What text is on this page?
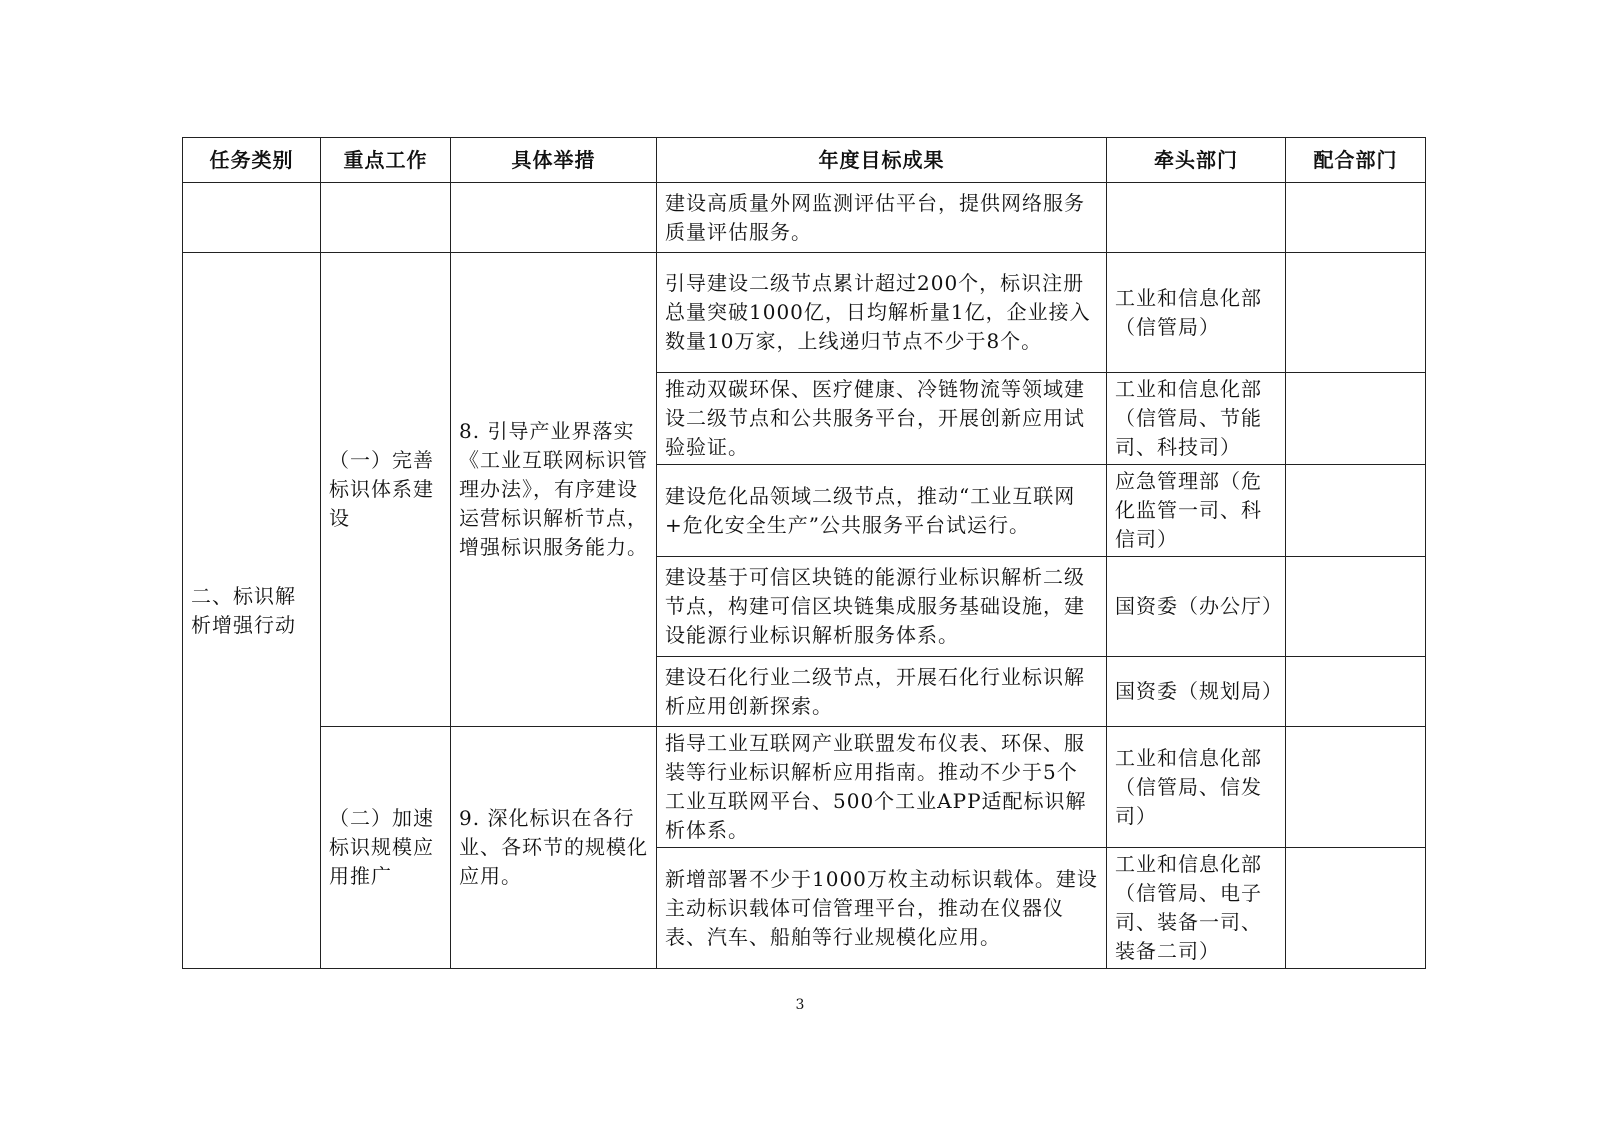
任务类别	重点工作	具体举措	年度目标成果	牵头部门	配合部门
			建设高质量外网监测评估平台，提供网络服务质量评估服务。		
二、标识解析增强行动	（一）完善标识体系建设	8. 引导产业界落实《工业互联网标识管理办法》，有序建设运营标识解析节点，增强标识服务能力。	引导建设二级节点累计超过200个，标识注册总量突破1000亿，日均解析量1亿，企业接入数量10万家，上线递归节点不少于8个。	工业和信息化部（信管局）	
			推动双碳环保、医疗健康、冷链物流等领域建设二级节点和公共服务平台，开展创新应用试验验证。	工业和信息化部（信管局、节能司、科技司）	
			建设危化品领域二级节点，推动“工业互联网+危化安全生产”公共服务平台试运行。	应急管理部（危化监管一司、科信司）	
			建设基于可信区块链的能源行业标识解析二级节点，构建可信区块链集成服务基础设施，建设能源行业标识解析服务体系。	国资委（办公厅）	
			建设石化行业二级节点，开展石化行业标识解析应用创新探索。	国资委（规划局）	
	（二）加速标识规模应用推广	9. 深化标识在各行业、各环节的规模化应用。	指导工业互联网产业联盟发布仪表、环保、服装等行业标识解析应用指南。推动不少于5个工业互联网平台、500个工业APP适配标识解析体系。	工业和信息化部（信管局、信发司）	
			新增部署不少于1000万枚主动标识载体。建设主动标识载体可信管理平台，推动在仪器仪表、汽车、船舶等行业规模化应用。	工业和信息化部（信管局、电子司、装备一司、装备二司）	
3
